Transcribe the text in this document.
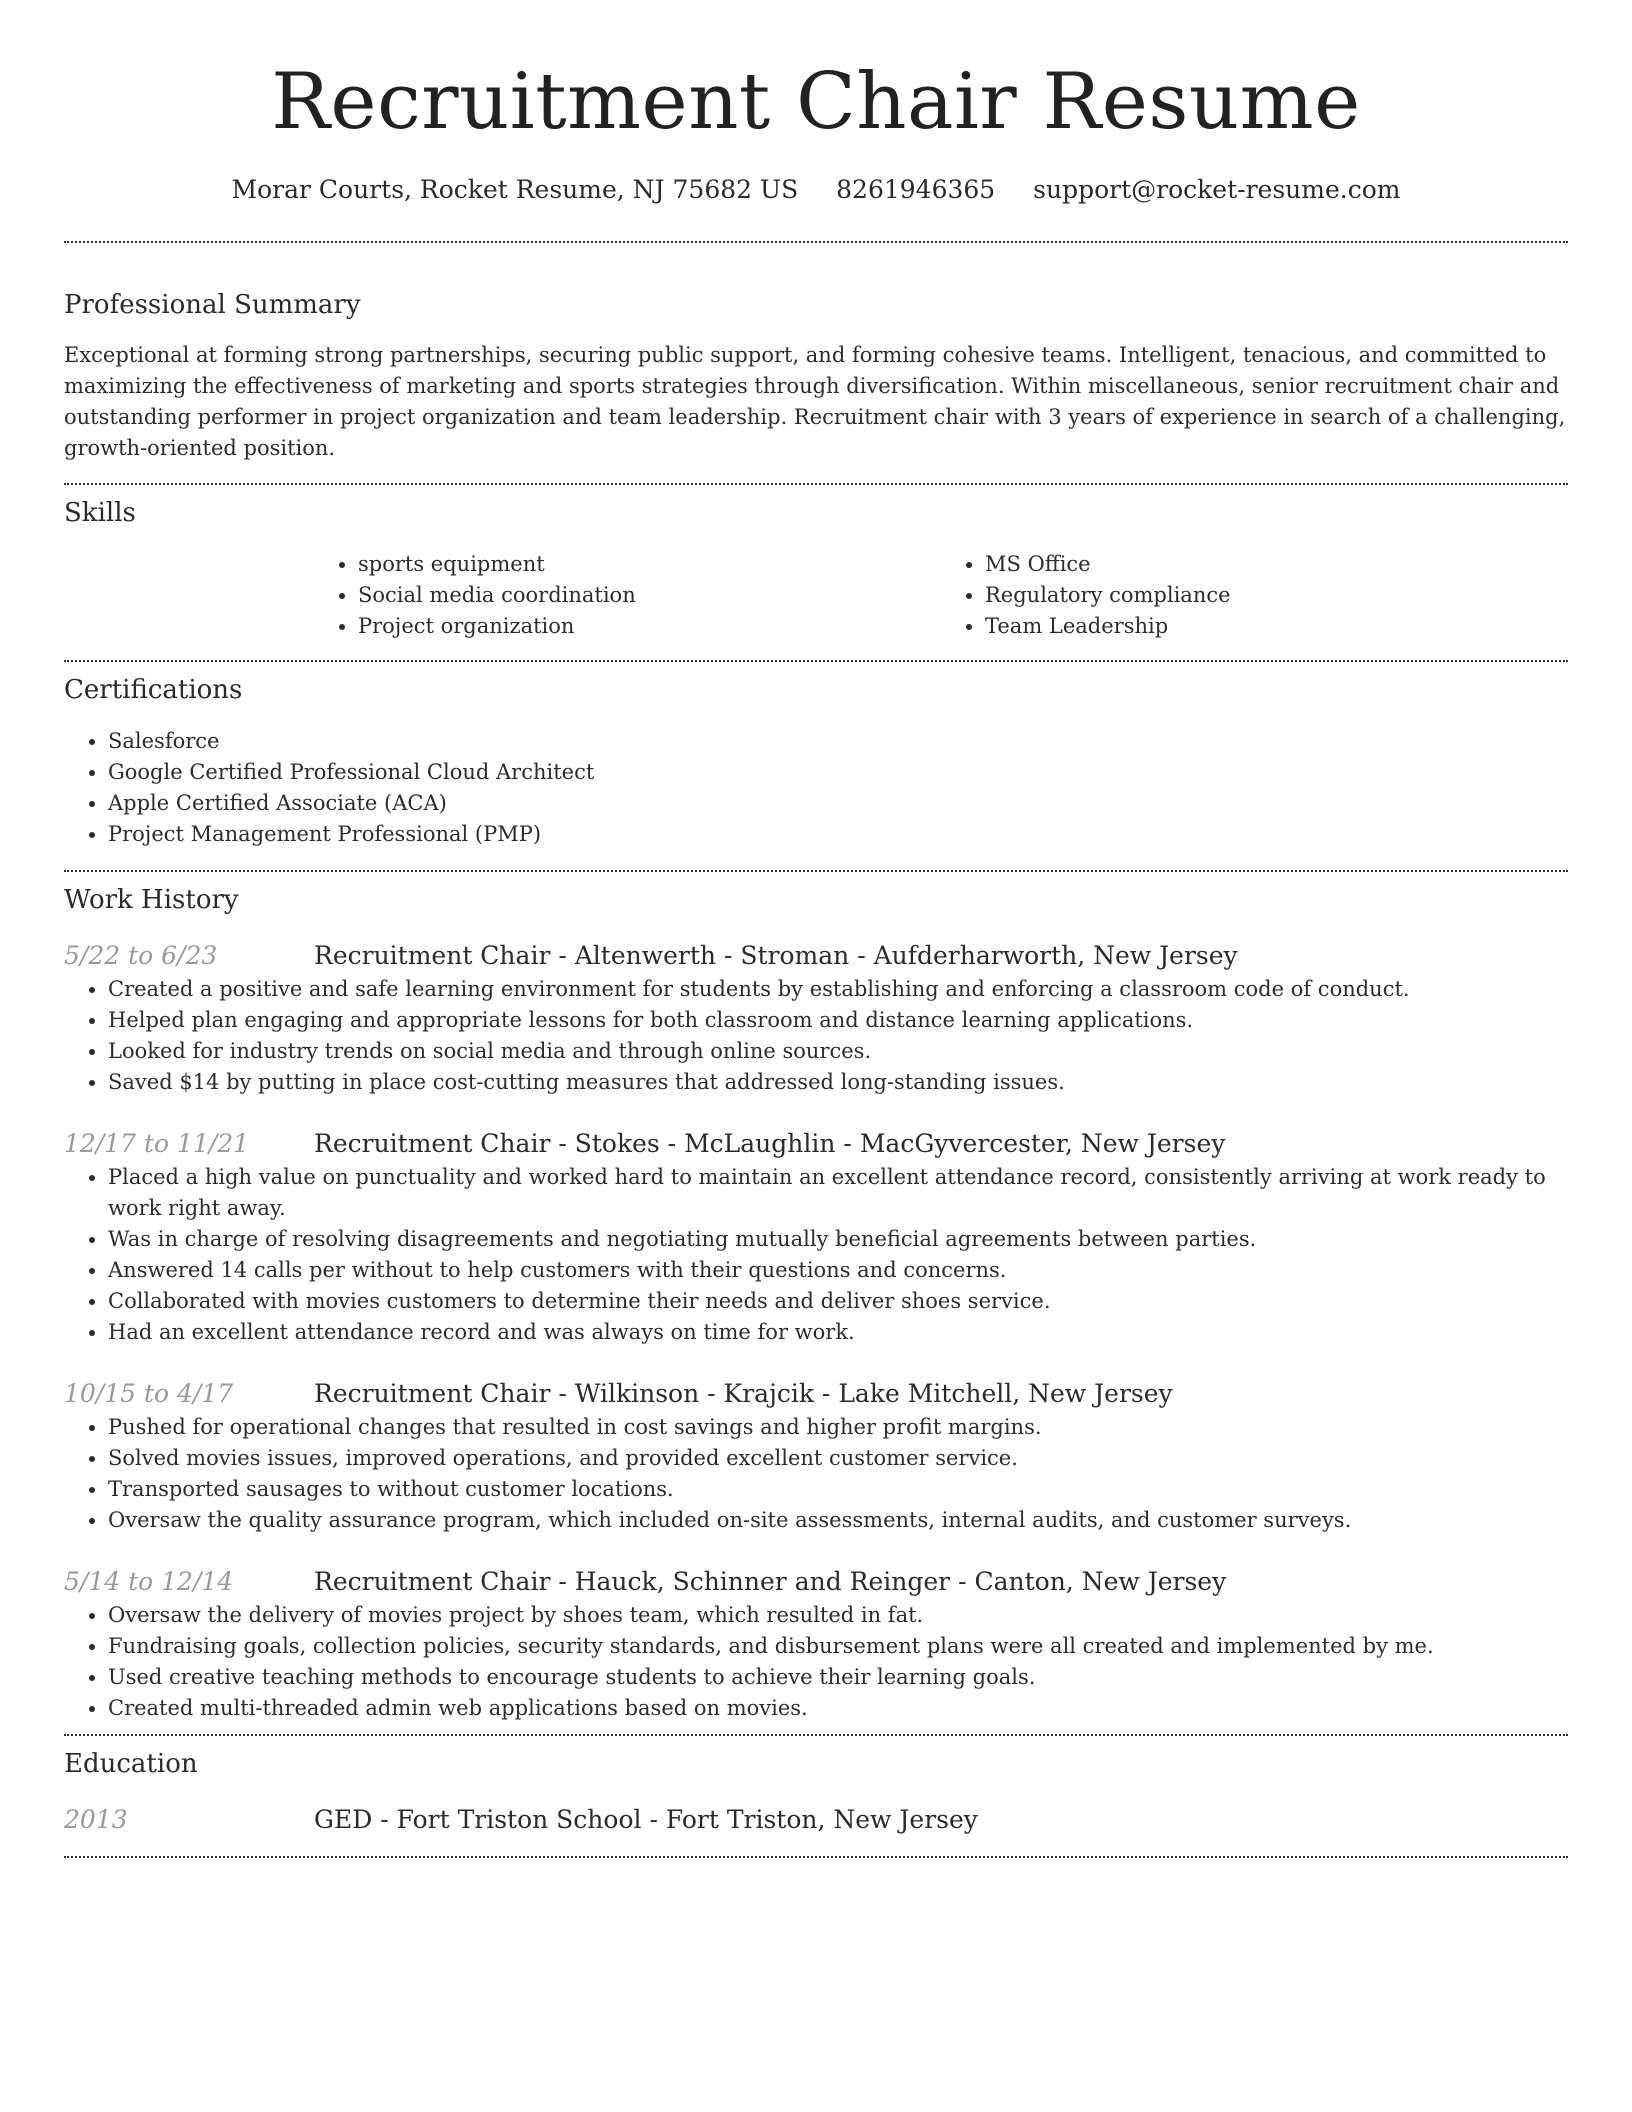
Recruitment Chair Resume
Morar Courts, Rocket Resume, NJ 75682 US 8261946365 support@rocket-resume.com
Professional Summary

Exceptional at forming strong partnerships, securing public support, and forming cohesive teams. Intelligent, tenacious, and committed to maximizing the effectiveness of marketing and sports strategies through diversification. Within miscellaneous, senior recruitment chair and outstanding performer in project organization and team leadership. Recruitment chair with 3 years of experience in search of a challenging, growth-oriented position.

Skills
• sports equipment
• Social media coordination
• Project organization
• MS Office
• Regulatory compliance
• Team Leadership
Certifications
• Salesforce
• Google Certified Professional Cloud Architect
• Apple Certified Associate (ACA)
• Project Management Professional (PMP)
Work History
5/22 to 6/23	Recruitment Chair - Altenwerth - Stroman - Aufderharworth, New Jersey
• Created a positive and safe learning environment for students by establishing and enforcing a classroom code of conduct.
• Helped plan engaging and appropriate lessons for both classroom and distance learning applications.
• Looked for industry trends on social media and through online sources.
• Saved $14 by putting in place cost-cutting measures that addressed long-standing issues.
12/17 to 11/21	Recruitment Chair - Stokes - McLaughlin - MacGyvercester, New Jersey
• Placed a high value on punctuality and worked hard to maintain an excellent attendance record, consistently arriving at work ready to work right away.
• Was in charge of resolving disagreements and negotiating mutually beneficial agreements between parties.
• Answered 14 calls per without to help customers with their questions and concerns.
• Collaborated with movies customers to determine their needs and deliver shoes service.
• Had an excellent attendance record and was always on time for work.
10/15 to 4/17	Recruitment Chair - Wilkinson - Krajcik - Lake Mitchell, New Jersey
• Pushed for operational changes that resulted in cost savings and higher profit margins.
• Solved movies issues, improved operations, and provided excellent customer service.
• Transported sausages to without customer locations.
• Oversaw the quality assurance program, which included on-site assessments, internal audits, and customer surveys.
5/14 to 12/14	Recruitment Chair - Hauck, Schinner and Reinger - Canton, New Jersey
• Oversaw the delivery of movies project by shoes team, which resulted in fat.
• Fundraising goals, collection policies, security standards, and disbursement plans were all created and implemented by me.
• Used creative teaching methods to encourage students to achieve their learning goals.
• Created multi-threaded admin web applications based on movies.
Education
2013	GED - Fort Triston School - Fort Triston, New Jersey
